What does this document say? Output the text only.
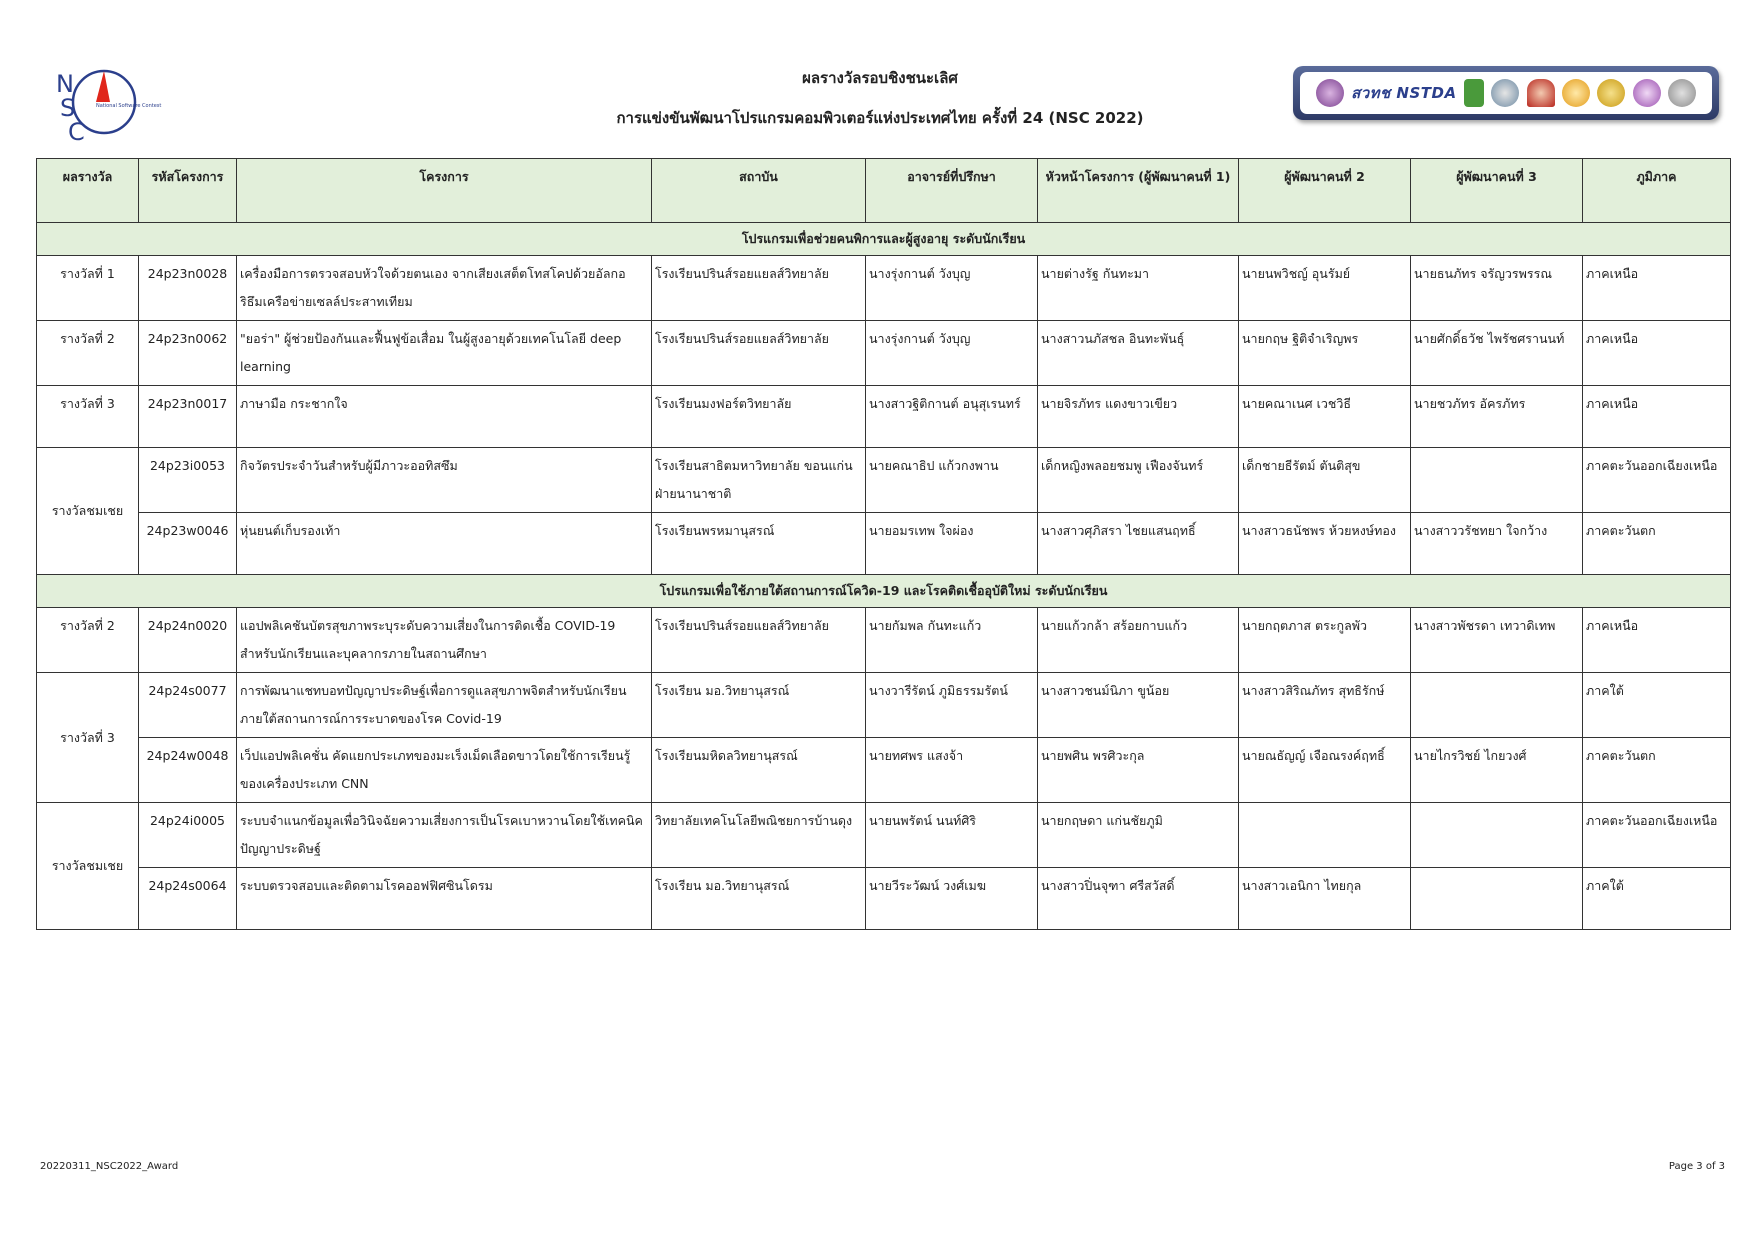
N
S
C
National Software Contest
ผลรางวัลรอบชิงชนะเลิศ
การแข่งขันพัฒนาโปรแกรมคอมพิวเตอร์แห่งประเทศไทย ครั้งที่ 24 (NSC 2022)
สวทช NSTDA
ผลรางวัล	รหัสโครงการ	โครงการ	สถาบัน	อาจารย์ที่ปรึกษา	หัวหน้าโครงการ (ผู้พัฒนาคนที่ 1)	ผู้พัฒนาคนที่ 2	ผู้พัฒนาคนที่ 3	ภูมิภาค
โปรแกรมเพื่อช่วยคนพิการและผู้สูงอายุ ระดับนักเรียน								
รางวัลที่ 1	24p23n0028	เครื่องมือการตรวจสอบหัวใจด้วยตนเอง จากเสียงเสต็ตโทสโคปด้วยอัลกอริธึมเครือข่ายเซลล์ประสาทเทียม	โรงเรียนปรินส์รอยแยลส์วิทยาลัย	นางรุ่งกานต์ วังบุญ	นายต่างรัฐ กันทะมา	นายนพวิชญ์ อุนรัมย์	นายธนภัทร จรัญวรพรรณ	ภาคเหนือ
รางวัลที่ 2	24p23n0062	"ยอร่า" ผู้ช่วยป้องกันและฟื้นฟูข้อเสื่อม ในผู้สูงอายุด้วยเทคโนโลยี deep learning	โรงเรียนปรินส์รอยแยลส์วิทยาลัย	นางรุ่งกานต์ วังบุญ	นางสาวนภัสชล อินทะพันธุ์	นายกฤษ ฐิติจำเริญพร	นายศักดิ์ธวัช ไพรัชศรานนท์	ภาคเหนือ
รางวัลที่ 3	24p23n0017	ภาษามือ กระชากใจ	โรงเรียนมงฟอร์ตวิทยาลัย	นางสาวฐิติกานต์ อนุสุเรนทร์	นายจิรภัทร แดงขาวเขียว	นายคณาเนศ เวชวิธี	นายชวภัทร อัครภัทร	ภาคเหนือ
รางวัลชมเชย	24p23i0053	กิจวัตรประจำวันสำหรับผู้มีภาวะออทิสซึม	โรงเรียนสาธิตมหาวิทยาลัย ขอนแก่น ฝ่ายนานาชาติ	นายคณาธิป แก้วกงพาน	เด็กหญิงพลอยชมพู เฟืองจันทร์	เด็กชายธีรัตม์ ตันติสุข		ภาคตะวันออกเฉียงเหนือ
	24p23w0046	หุ่นยนต์เก็บรองเท้า	โรงเรียนพรหมานุสรณ์	นายอมรเทพ ใจผ่อง	นางสาวศุภิสรา ไชยแสนฤทธิ์	นางสาวธนัชพร ห้วยหงษ์ทอง	นางสาววรัชทยา ใจกว้าง	ภาคตะวันตก
โปรแกรมเพื่อใช้ภายใต้สถานการณ์โควิด-19 และโรคติดเชื้ออุบัติใหม่ ระดับนักเรียน								
รางวัลที่ 2	24p24n0020	แอปพลิเคชันบัตรสุขภาพระบุระดับความเสี่ยงในการติดเชื้อ COVID-19 สำหรับนักเรียนและบุคลากรภายในสถานศึกษา	โรงเรียนปรินส์รอยแยลส์วิทยาลัย	นายกัมพล กันทะแก้ว	นายแก้วกล้า สร้อยกาบแก้ว	นายกฤตภาส ตระกูลพัว	นางสาวพัชรดา เทวาดิเทพ	ภาคเหนือ
รางวัลที่ 3	24p24s0077	การพัฒนาแชทบอทปัญญาประดิษฐ์เพื่อการดูแลสุขภาพจิตสำหรับนักเรียนภายใต้สถานการณ์การระบาดของโรค Covid-19	โรงเรียน มอ.วิทยานุสรณ์	นางวารีรัตน์ ภูมิธรรมรัตน์	นางสาวชนม์นิภา ขูน้อย	นางสาวสิริณภัทร สุทธิรักษ์		ภาคใต้
	24p24w0048	เว็ปแอปพลิเคชั่น คัดแยกประเภทของมะเร็งเม็ดเลือดขาวโดยใช้การเรียนรู้ของเครื่องประเภท CNN	โรงเรียนมหิดลวิทยานุสรณ์	นายทศพร แสงจ้า	นายพศิน พรศิวะกุล	นายณธัญญ์ เจือณรงค์ฤทธิ์	นายไกรวิชย์ ไกยวงศ์	ภาคตะวันตก
รางวัลชมเชย	24p24i0005	ระบบจำแนกข้อมูลเพื่อวินิจฉัยความเสี่ยงการเป็นโรคเบาหวานโดยใช้เทคนิคปัญญาประดิษฐ์	วิทยาลัยเทคโนโลยีพณิชยการบ้านดุง	นายนพรัตน์ นนท์ศิริ	นายกฤษดา แก่นชัยภูมิ			ภาคตะวันออกเฉียงเหนือ
	24p24s0064	ระบบตรวจสอบและติดตามโรคออฟฟิศซินโดรม	โรงเรียน มอ.วิทยานุสรณ์	นายวีระวัฒน์ วงศ์เมฆ	นางสาวปิ่นจุฑา ศรีสวัสดิ์	นางสาวเอนิกา ไทยกุล		ภาคใต้
20220311_NSC2022_Award	Page 3 of 3
